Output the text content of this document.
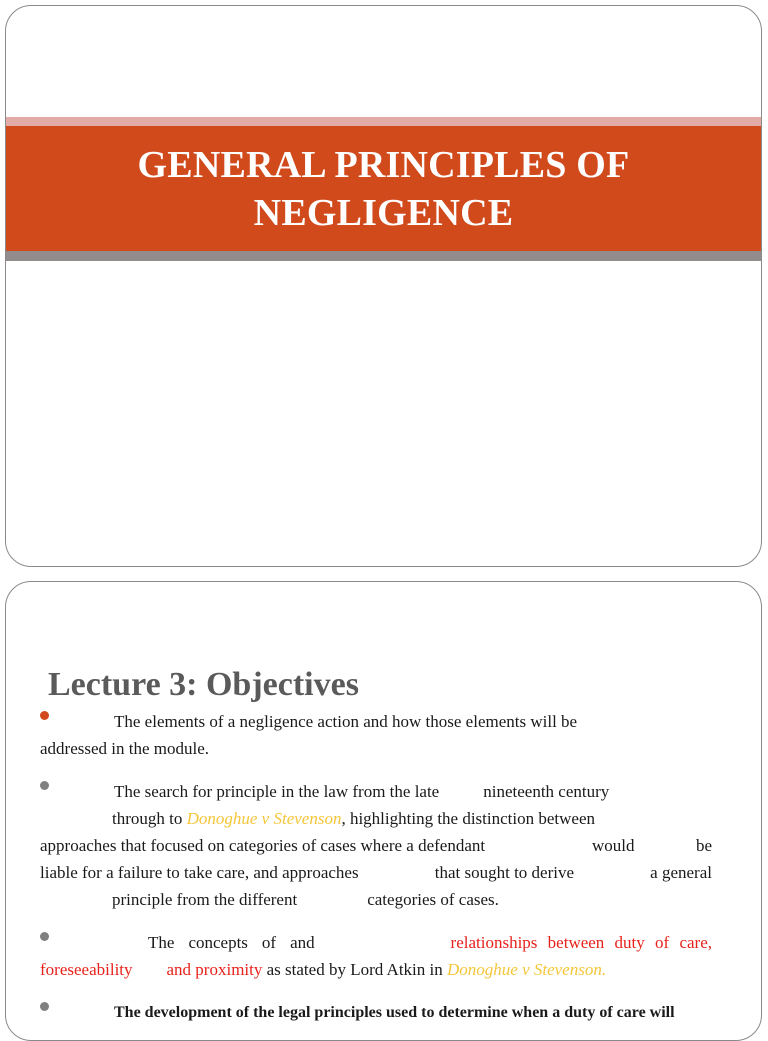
GENERAL PRINCIPLES OF
NEGLIGENCE
Lecture 3: Objectives

The elements of a negligence action and how those elements will be

addressed in the module.

The search for principle in the law from the late	nineteenth century

through to Donoghue v Stevenson, highlighting the distinction between

approaches that focused on categories of cases where a defendant	would	be

liable for a failure to take care, and approaches	that sought to derive	a general

principle from the different	categories of cases.

The concepts of and	relationships between duty of care,

foreseeability and proximity as stated by Lord Atkin in Donoghue v Stevenson.

The development of the legal principles used to determine when a duty of care will
